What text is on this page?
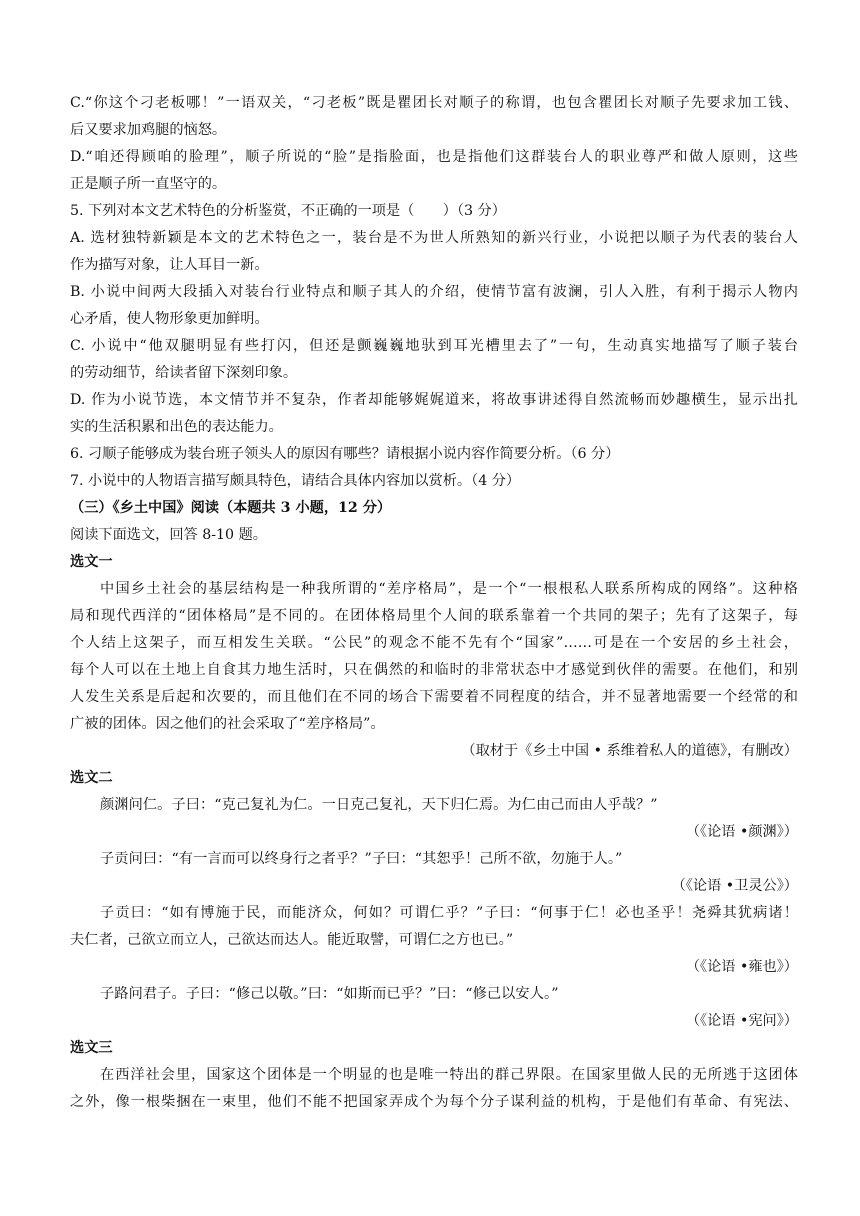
C.“你这个刁老板哪！”一语双关，“刁老板”既是瞿团长对顺子的称谓，也包含瞿团长对顺子先要求加工钱、
后又要求加鸡腿的恼怒。
D.“咱还得顾咱的脸理”，顺子所说的“脸”是指脸面，也是指他们这群装台人的职业尊严和做人原则，这些
正是顺子所一直坚守的。
5. 下列对本文艺术特色的分析鉴赏，不正确的一项是（　　）（3 分）
A. 选材独特新颖是本文的艺术特色之一，装台是不为世人所熟知的新兴行业，小说把以顺子为代表的装台人
作为描写对象，让人耳目一新。
B. 小说中间两大段插入对装台行业特点和顺子其人的介绍，使情节富有波澜，引人入胜，有利于揭示人物内
心矛盾，使人物形象更加鲜明。
C. 小说中“他双腿明显有些打闪，但还是颤巍巍地驮到耳光槽里去了”一句，生动真实地描写了顺子装台
的劳动细节，给读者留下深刻印象。
D. 作为小说节选，本文情节并不复杂，作者却能够娓娓道来，将故事讲述得自然流畅而妙趣横生，显示出扎
实的生活积累和出色的表达能力。
6. 刁顺子能够成为装台班子领头人的原因有哪些？请根据小说内容作简要分析。（6 分）
7. 小说中的人物语言描写颇具特色，请结合具体内容加以赏析。（4 分）
（三）《乡土中国》阅读（本题共 3 小题，12 分）
阅读下面选文，回答 8-10 题。
选文一
中国乡土社会的基层结构是一种我所谓的“差序格局”，是一个“一根根私人联系所构成的网络”。这种格
局和现代西洋的“团体格局”是不同的。在团体格局里个人间的联系靠着一个共同的架子；先有了这架子，每
个人结上这架子，而互相发生关联。“公民”的观念不能不先有个“国家”……可是在一个安居的乡土社会，
每个人可以在土地上自食其力地生活时，只在偶然的和临时的非常状态中才感觉到伙伴的需要。在他们，和别
人发生关系是后起和次要的，而且他们在不同的场合下需要着不同程度的结合，并不显著地需要一个经常的和
广被的团体。因之他们的社会采取了“差序格局”。
（取材于《乡土中国 • 系维着私人的道德》，有删改）
选文二
颜渊问仁。子曰：“克己复礼为仁。一日克己复礼，天下归仁焉。为仁由己而由人乎哉？”
（《论语 •颜渊》）
子贡问曰：“有一言而可以终身行之者乎？”子曰：“其恕乎！己所不欲，勿施于人。”
（《论语 •卫灵公》）
子贡曰：“如有博施于民，而能济众，何如？可谓仁乎？”子曰：“何事于仁！必也圣乎！尧舜其犹病诸！
夫仁者，己欲立而立人，己欲达而达人。能近取譬，可谓仁之方也已。”
（《论语 •雍也》）
子路问君子。子曰：“修己以敬。”曰：“如斯而已乎？”曰：“修己以安人。”
（《论语 •宪问》）
选文三
在西洋社会里，国家这个团体是一个明显的也是唯一特出的群己界限。在国家里做人民的无所逃于这团体
之外，像一根柴捆在一束里，他们不能不把国家弄成个为每个分子谋利益的机构，于是他们有革命、有宪法、
